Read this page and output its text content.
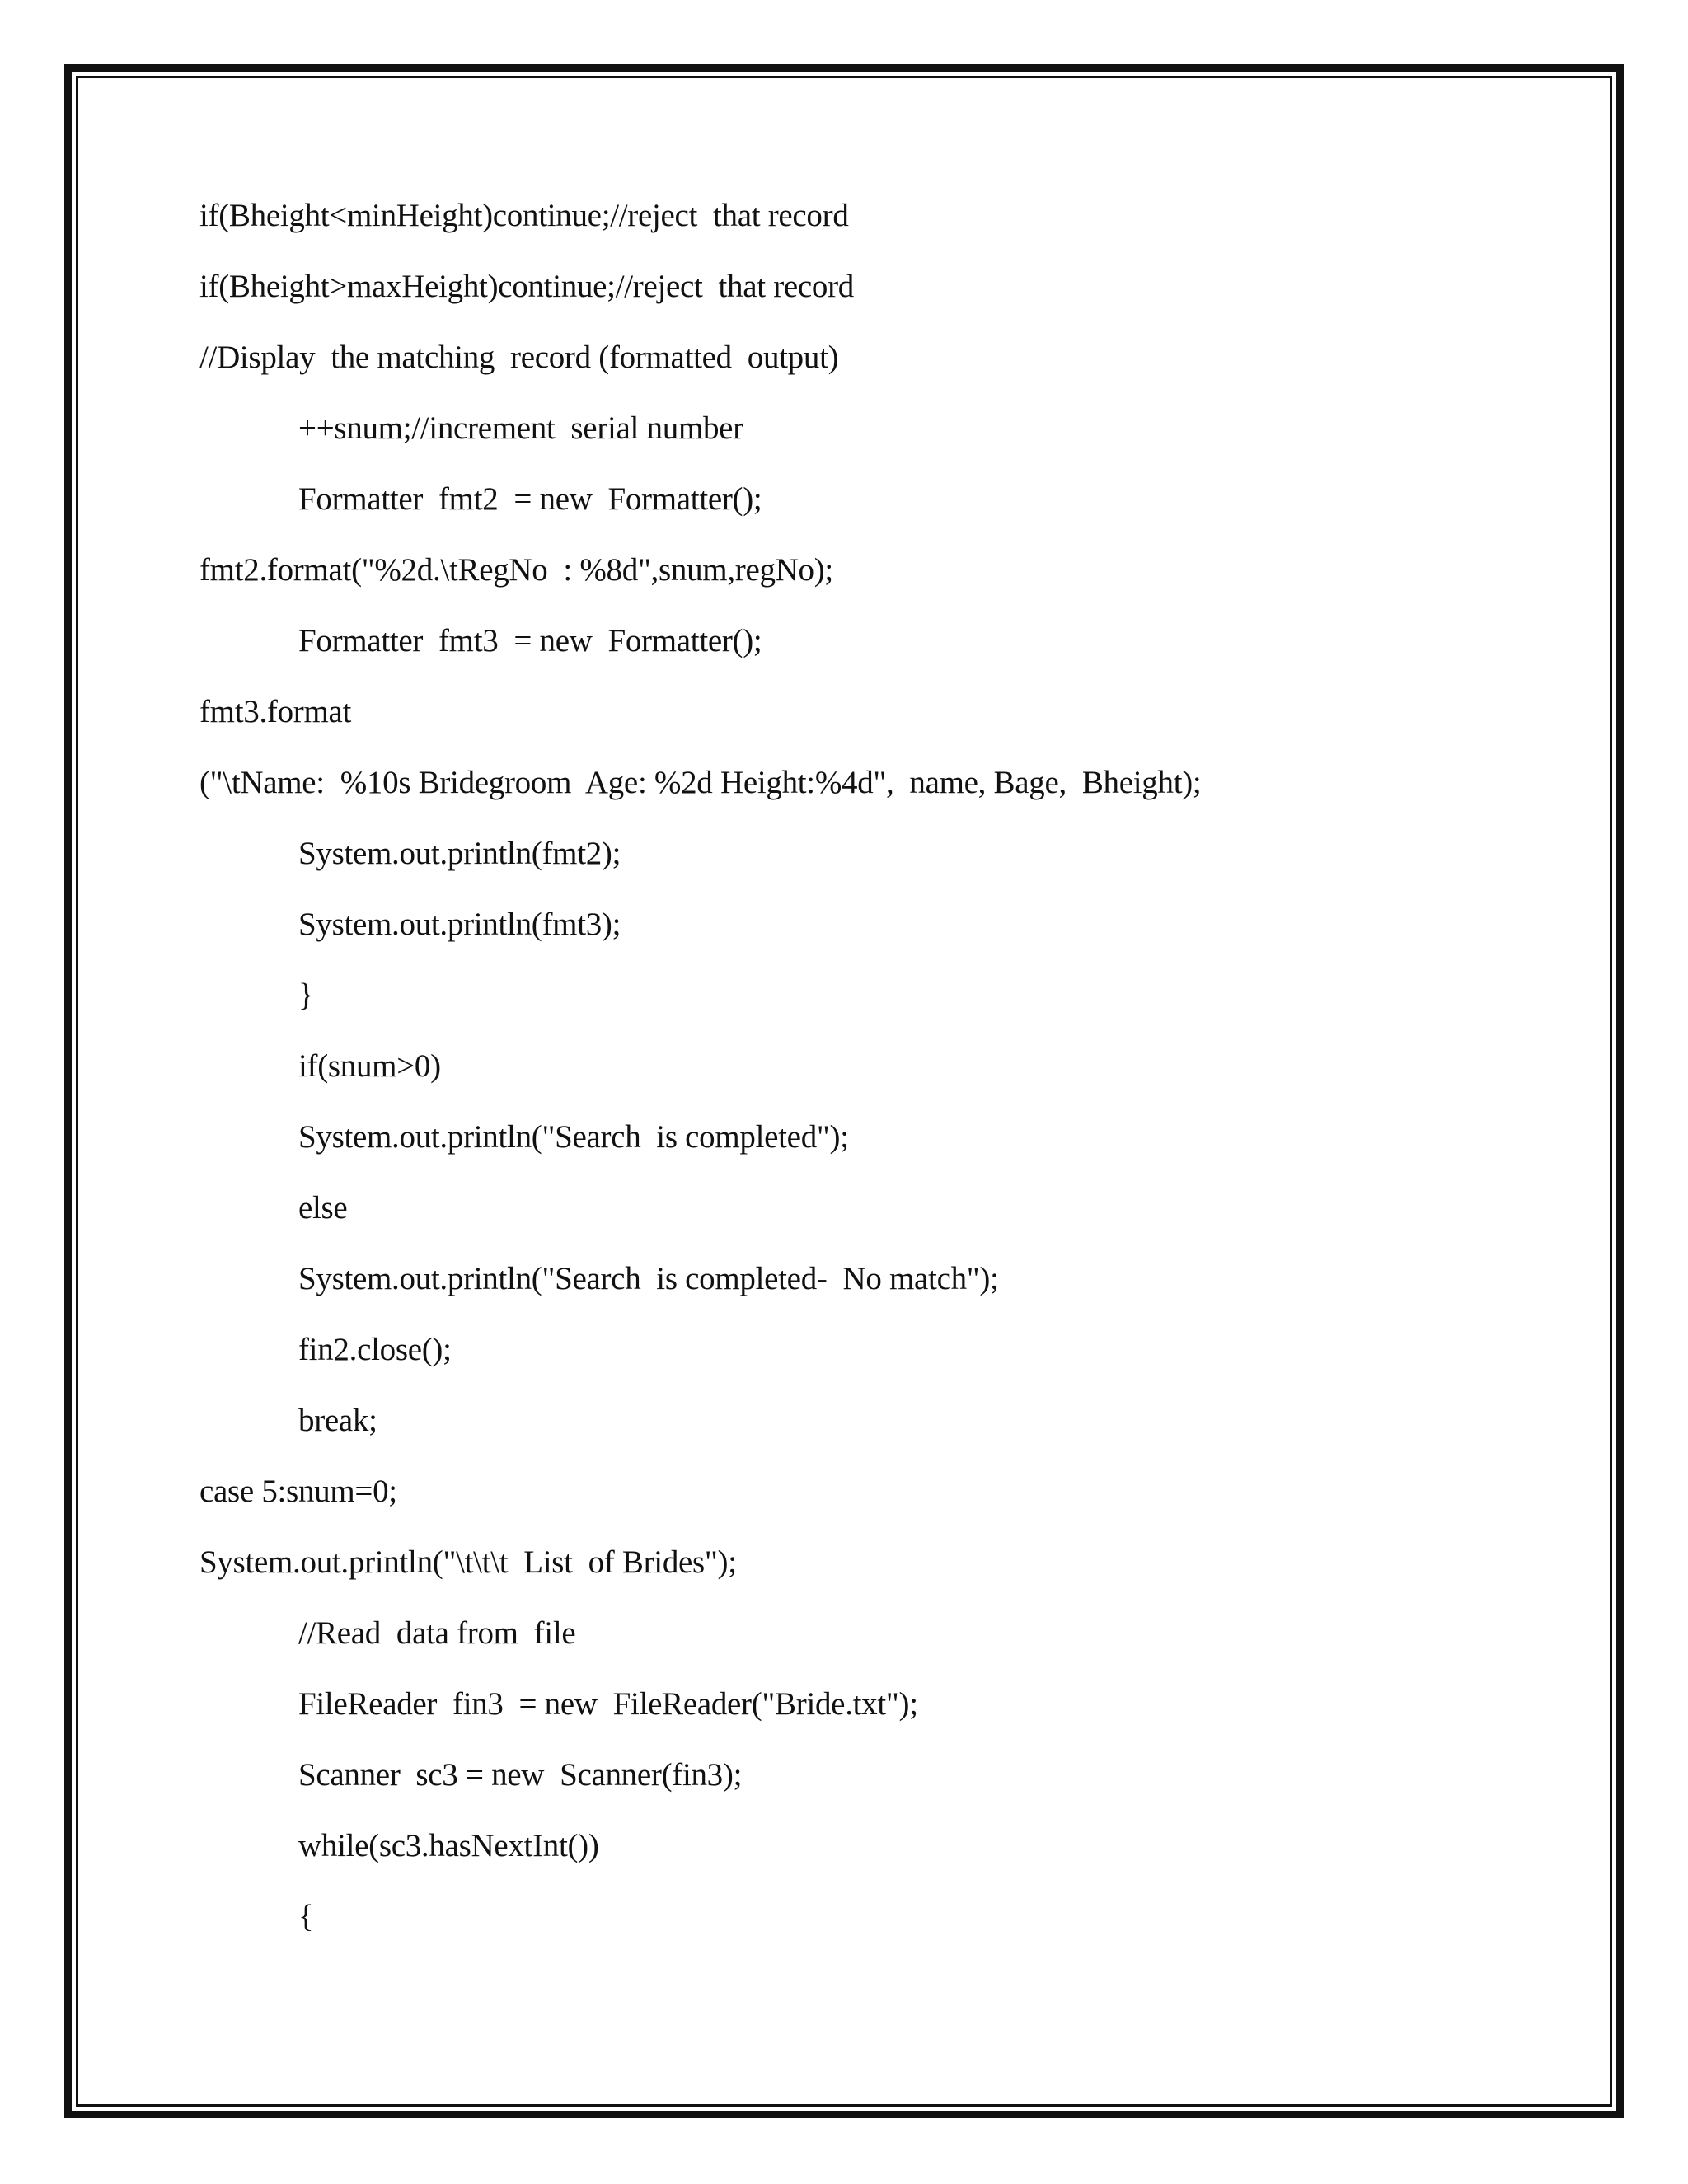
if(Bheight<minHeight)continue;//reject  that record
if(Bheight>maxHeight)continue;//reject  that record
//Display  the matching  record (formatted  output)
++snum;//increment  serial number
Formatter  fmt2  = new  Formatter();
fmt2.format("%2d.\tRegNo  : %8d",snum,regNo);
Formatter  fmt3  = new  Formatter();
fmt3.format
("\tName:  %10s Bridegroom  Age: %2d Height:%4d",  name, Bage,  Bheight);
System.out.println(fmt2);
System.out.println(fmt3);
}
if(snum>0)
System.out.println("Search  is completed");
else
System.out.println("Search  is completed-  No match");
fin2.close();
break;
case 5:snum=0;
System.out.println("\t\t\t  List  of Brides");
//Read  data from  file
FileReader  fin3  = new  FileReader("Bride.txt");
Scanner  sc3 = new  Scanner(fin3);
while(sc3.hasNextInt())
{
